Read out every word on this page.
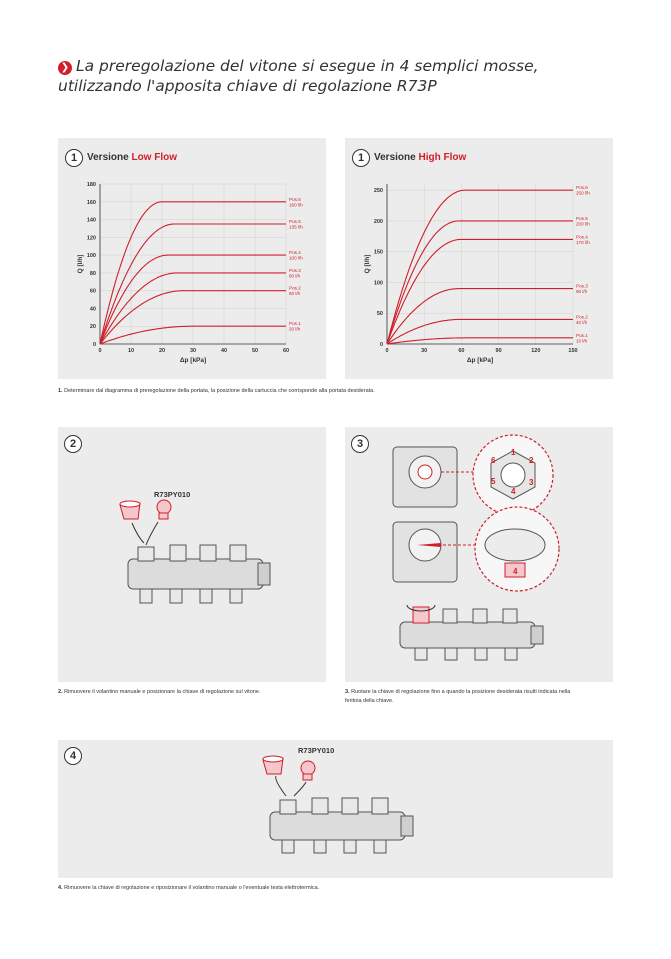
❯ La preregolazione del vitone si esegue in 4 semplici mosse,
utilizzando l'apposita chiave di regolazione R73P
1 Versione Low Flow	1 Versione High Flow
0	10	20	30	40	50	60
0
20
40
60
80
100
120
140
160
180
Δp [kPa]
Q [l/h]
Pos.1
20 l/h
Pos.2
60 l/h
Pos.3
80 l/h
Pos.4
100 l/h
Pos.5
135 l/h
Pos.6
160 l/h
0	30	60	90	120	150
0
50
100
150
200
250
Δp [kPa]
Q [l/h]
Pos.1
10 l/h
Pos.2
40 l/h
Pos.3
90 l/h
Pos.4
170 l/h
Pos.5
200 l/h
Pos.6
250 l/h
1. Determinare dal diagramma di preregolazione della portata, la posizione della cartuccia che corrisponde alla portata desiderata.
2
R73PY010
2. Rimuovere il volantino manuale e posizionare la chiave di regolazione sul vitone.
3
1
2
3
4
5
6
4
3. Ruotare la chiave di regolazione fino a quando la posizione desiderata risulti indicata nella
feritoia della chiave.
4	R73PY010
4. Rimuovere la chiave di regolazione e riposizionare il volantino manuale o l'eventuale testa elettrotermica.
